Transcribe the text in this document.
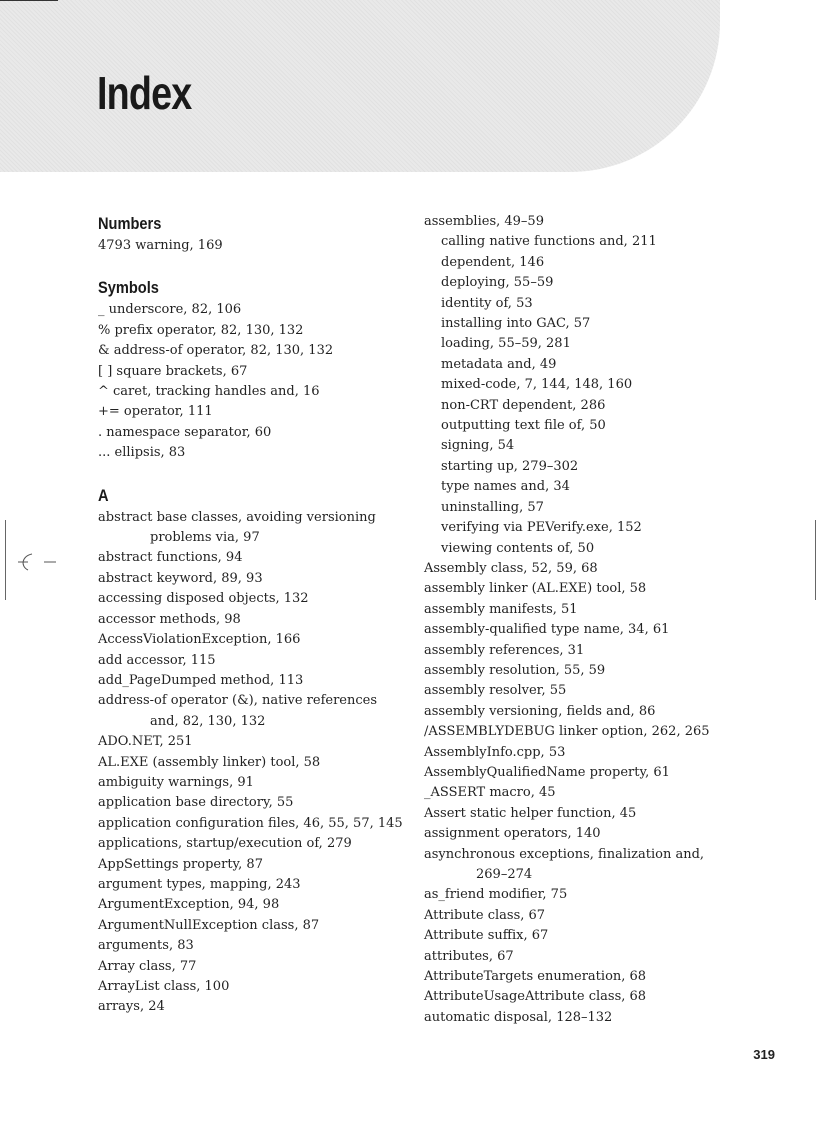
Index
Numbers
4793 warning, 169
Symbols
_ underscore, 82, 106
% prefix operator, 82, 130, 132
& address-of operator, 82, 130, 132
[ ] square brackets, 67
^ caret, tracking handles and, 16
+= operator, 111
. namespace separator, 60
... ellipsis, 83
A
abstract base classes, avoiding versioning
problems via, 97
abstract functions, 94
abstract keyword, 89, 93
accessing disposed objects, 132
accessor methods, 98
AccessViolationException, 166
add accessor, 115
add_PageDumped method, 113
address-of operator (&), native references
and, 82, 130, 132
ADO.NET, 251
AL.EXE (assembly linker) tool, 58
ambiguity warnings, 91
application base directory, 55
application configuration files, 46, 55, 57, 145
applications, startup/execution of, 279
AppSettings property, 87
argument types, mapping, 243
ArgumentException, 94, 98
ArgumentNullException class, 87
arguments, 83
Array class, 77
ArrayList class, 100
arrays, 24
assemblies, 49–59
calling native functions and, 211
dependent, 146
deploying, 55–59
identity of, 53
installing into GAC, 57
loading, 55–59, 281
metadata and, 49
mixed-code, 7, 144, 148, 160
non-CRT dependent, 286
outputting text file of, 50
signing, 54
starting up, 279–302
type names and, 34
uninstalling, 57
verifying via PEVerify.exe, 152
viewing contents of, 50
Assembly class, 52, 59, 68
assembly linker (AL.EXE) tool, 58
assembly manifests, 51
assembly-qualified type name, 34, 61
assembly references, 31
assembly resolution, 55, 59
assembly resolver, 55
assembly versioning, fields and, 86
/ASSEMBLYDEBUG linker option, 262, 265
AssemblyInfo.cpp, 53
AssemblyQualifiedName property, 61
_ASSERT macro, 45
Assert static helper function, 45
assignment operators, 140
asynchronous exceptions, finalization and,
269–274
as_friend modifier, 75
Attribute class, 67
Attribute suffix, 67
attributes, 67
AttributeTargets enumeration, 68
AttributeUsageAttribute class, 68
automatic disposal, 128–132
319
